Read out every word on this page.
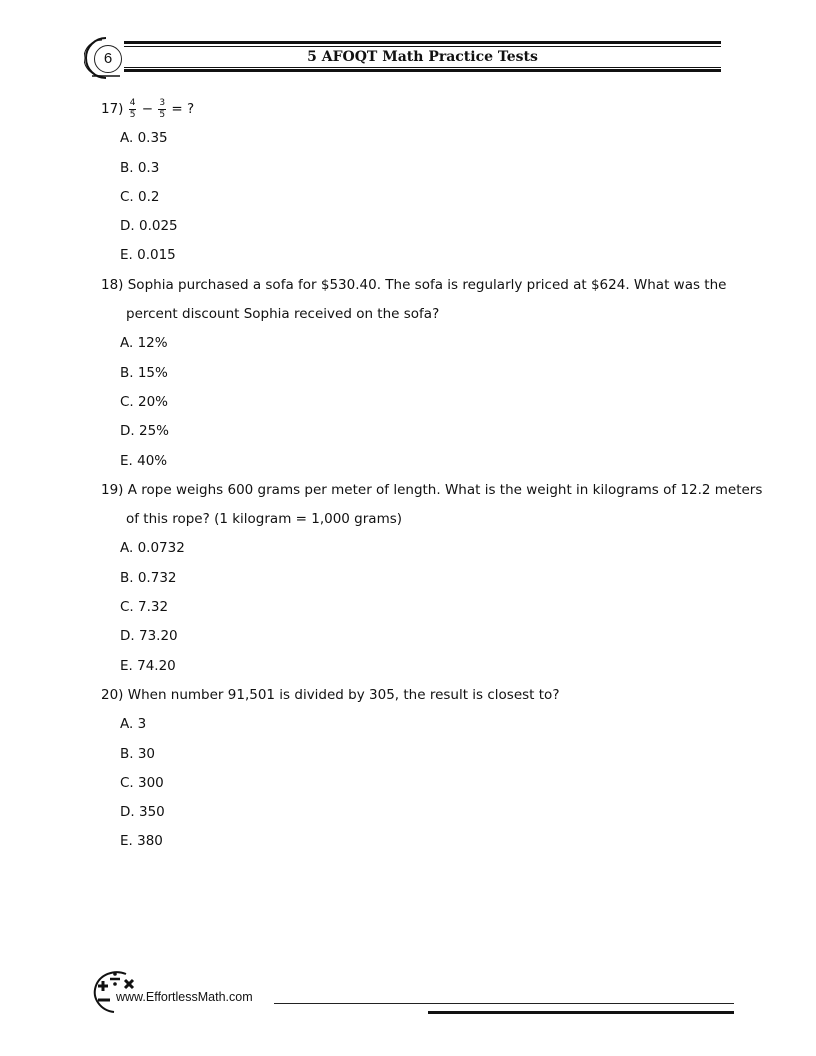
6	5 AFOQT Math Practice Tests
$17) \frac{4}{5} - \frac{3}{5}$ = ?
A. 0.35
B. 0.3
C. 0.2
D. 0.025
E. 0.015
18) Sophia purchased a sofa for $530.40. The sofa is regularly priced at $624. What was the
percent discount Sophia received on the sofa?
A. 12%
B. 15%
C. 20%
D. 25%
E. 40%
19) A rope weighs 600 grams per meter of length. What is the weight in kilograms of 12.2 meters
of this rope? (1 kilogram = 1,000 grams)
A. 0.0732
B. 0.732
C. 7.32
D. 73.20
E. 74.20
20) When number 91,501 is divided by 305, the result is closest to?
A. 3
B. 30
C. 300
D. 350
E. 380
www.EffortlessMath.com
